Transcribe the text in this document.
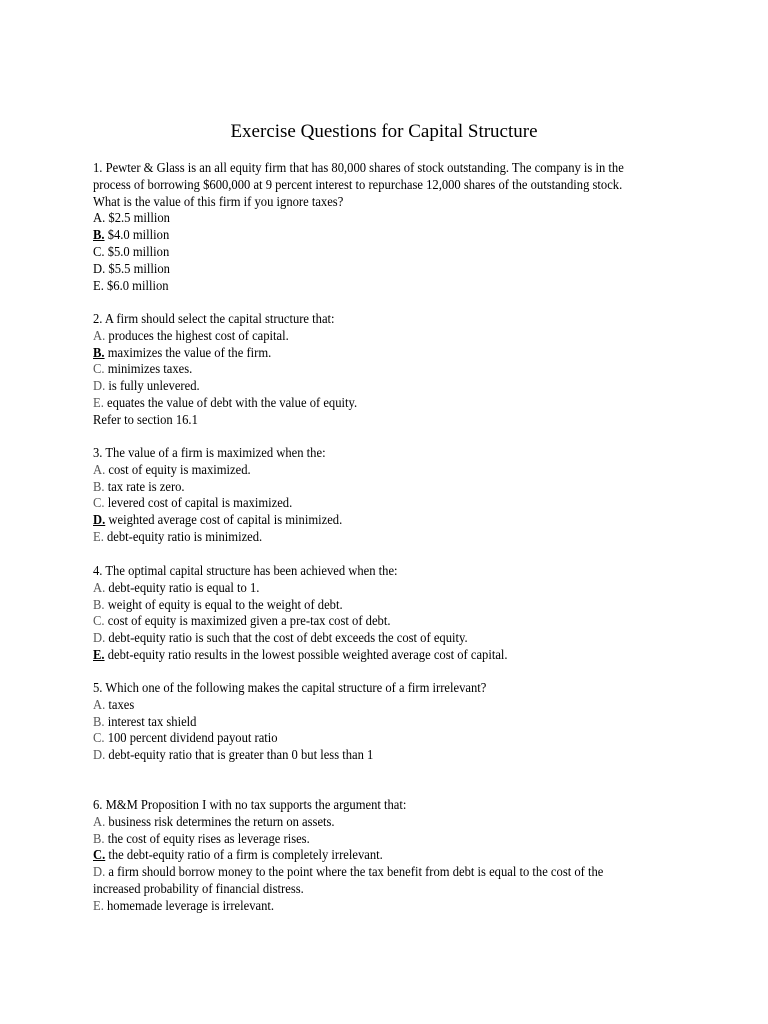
Exercise Questions for Capital Structure

1. Pewter & Glass is an all equity firm that has 80,000 shares of stock outstanding. The company is in the process of borrowing $600,000 at 9 percent interest to repurchase 12,000 shares of the outstanding stock. What is the value of this firm if you ignore taxes?

A. $2.5 million
B. $4.0 million
C. $5.0 million
D. $5.5 million
E. $6.0 million

2. A firm should select the capital structure that:

A. produces the highest cost of capital.
B. maximizes the value of the firm.
C. minimizes taxes.
D. is fully unlevered.
E. equates the value of debt with the value of equity.

Refer to section 16.1

3. The value of a firm is maximized when the:

A. cost of equity is maximized.
B. tax rate is zero.
C. levered cost of capital is maximized.
D. weighted average cost of capital is minimized.
E. debt-equity ratio is minimized.

4. The optimal capital structure has been achieved when the:

A. debt-equity ratio is equal to 1.
B. weight of equity is equal to the weight of debt.
C. cost of equity is maximized given a pre-tax cost of debt.
D. debt-equity ratio is such that the cost of debt exceeds the cost of equity.
E. debt-equity ratio results in the lowest possible weighted average cost of capital.

5. Which one of the following makes the capital structure of a firm irrelevant?

A. taxes
B. interest tax shield
C. 100 percent dividend payout ratio
D. debt-equity ratio that is greater than 0 but less than 1

6. M&M Proposition I with no tax supports the argument that:

A. business risk determines the return on assets.
B. the cost of equity rises as leverage rises.
C. the debt-equity ratio of a firm is completely irrelevant.
D. a firm should borrow money to the point where the tax benefit from debt is equal to the cost of the increased probability of financial distress.
E. homemade leverage is irrelevant.
